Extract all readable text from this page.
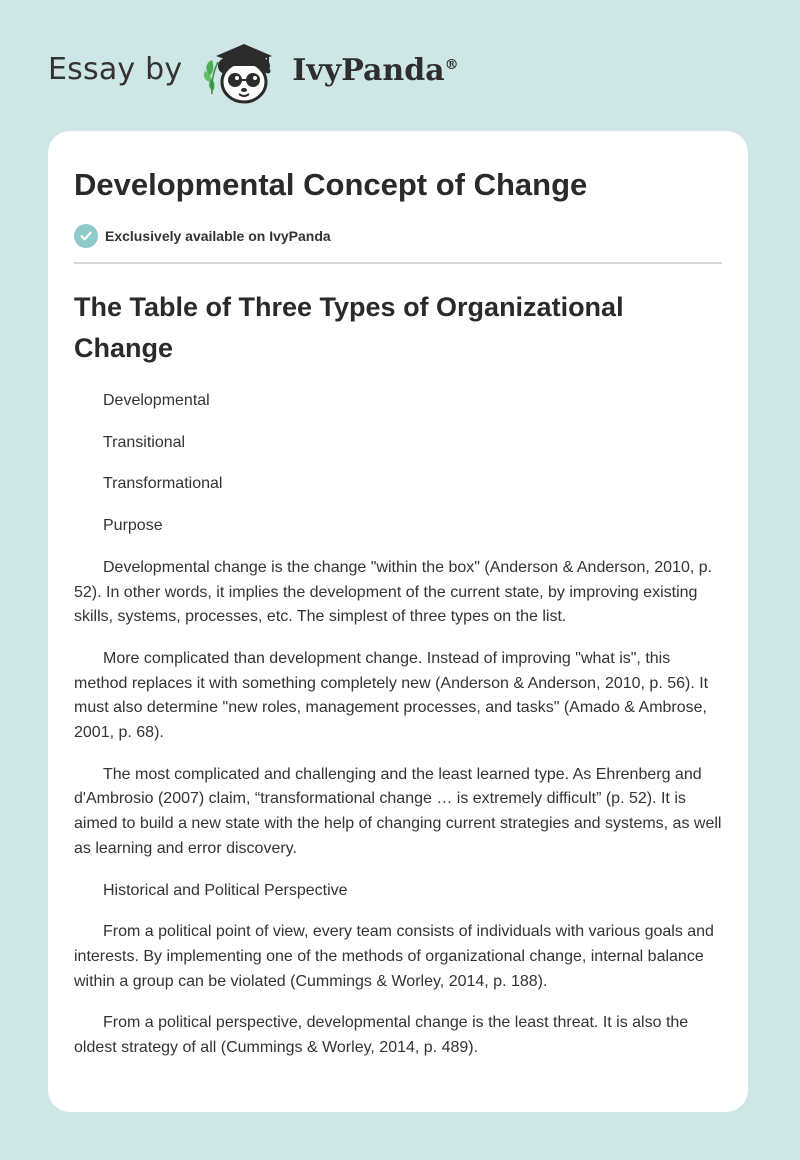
Essay by	IvyPanda®
Developmental Concept of Change
Exclusively available on IvyPanda
The Table of Three Types of Organizational Change

Developmental

Transitional

Transformational

Purpose

Developmental change is the change "within the box" (Anderson & Anderson, 2010, p. 52). In other words, it implies the development of the current state, by improving existing skills, systems, processes, etc. The simplest of three types on the list.

More complicated than development change. Instead of improving "what is", this method replaces it with something completely new (Anderson & Anderson, 2010, p. 56). It must also determine "new roles, management processes, and tasks" (Amado & Ambrose, 2001, p. 68).

The most complicated and challenging and the least learned type. As Ehrenberg and d'Ambrosio (2007) claim, “transformational change … is extremely difficult” (p. 52). It is aimed to build a new state with the help of changing current strategies and systems, as well as learning and error discovery.

Historical and Political Perspective

From a political point of view, every team consists of individuals with various goals and interests. By implementing one of the methods of organizational change, internal balance within a group can be violated (Cummings & Worley, 2014, p. 188).

From a political perspective, developmental change is the least threat. It is also the oldest strategy of all (Cummings & Worley, 2014, p. 489).
